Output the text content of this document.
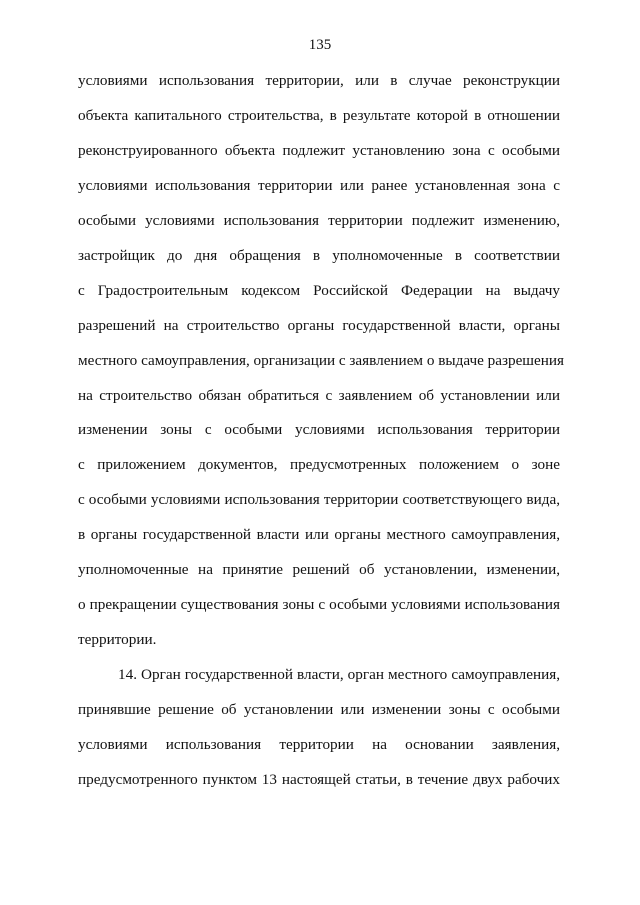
135
условиями использования территории, или в случае реконструкции
объекта капитального строительства, в результате которой в отношении
реконструированного объекта подлежит установлению зона с особыми
условиями использования территории или ранее установленная зона с
особыми условиями использования территории подлежит изменению,
застройщик до дня обращения в уполномоченные в соответствии
с Градостроительным кодексом Российской Федерации на выдачу
разрешений на строительство органы государственной власти, органы
местного самоуправления, организации с заявлением о выдаче разрешения
на строительство обязан обратиться с заявлением об установлении или
изменении зоны с особыми условиями использования территории
с приложением документов, предусмотренных положением о зоне
с особыми условиями использования территории соответствующего вида,
в органы государственной власти или органы местного самоуправления,
уполномоченные на принятие решений об установлении, изменении,
о прекращении существования зоны с особыми условиями использования
территории.
14. Орган государственной власти, орган местного самоуправления,
принявшие решение об установлении или изменении зоны с особыми
условиями использования территории на основании заявления,
предусмотренного пунктом 13 настоящей статьи, в течение двух рабочих
